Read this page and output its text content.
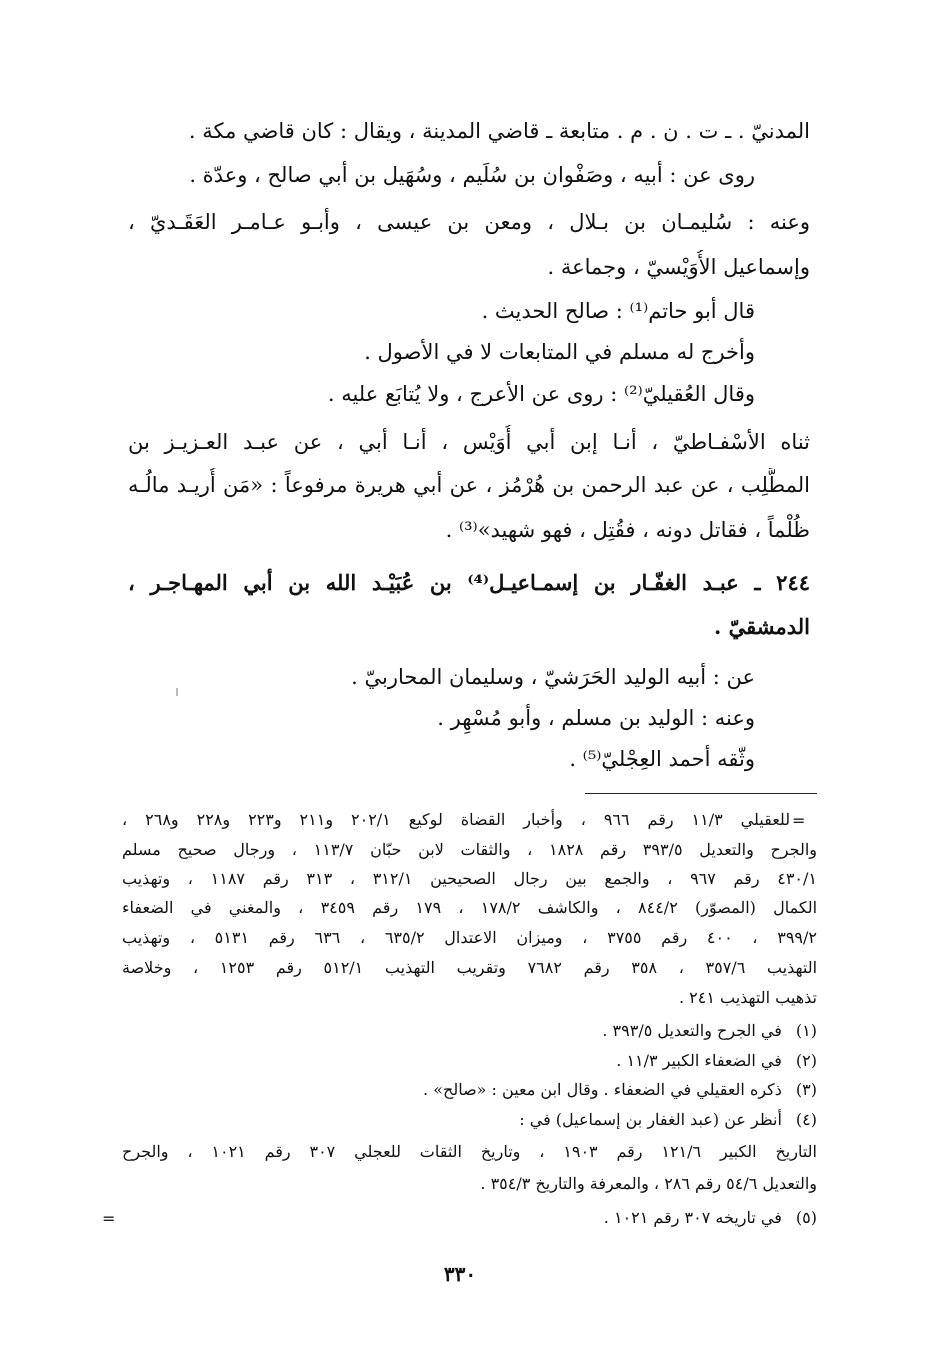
المدنيّ . ـ ت . ن . م . متابعة ـ قاضي المدينة ، ويقال : كان قاضي مكة .
روى عن : أبيه ، وصَفْوان بن سُلَيم ، وسُهَيل بن أبي صالح ، وعدّة .
وعنه : سُليمـان بن بـلال ، ومعن بن عيسى ، وأبـو عـامـر العَقَـديّ ،
وإسماعيل الأُوَيْسيّ ، وجماعة .
قال أبو حاتم⁽¹⁾ : صالح الحديث .
وأخرج له مسلم في المتابعات لا في الأصول .
وقال العُقيليّ⁽²⁾ : روى عن الأعرج ، ولا يُتابَع عليه .
ثناه الأسْفـاطيّ ، أنـا إبن أبي أُوَيْس ، أنـا أبي ، عن عبـد العـزيـز بن
المطَّلِب ، عن عبد الرحمن بن هُرْمُز ، عن أبي هريرة مرفوعاً : «مَن أُريـد مالُـه
ظُلْماً ، فقاتل دونه ، فقُتِل ، فهو شهيد»⁽³⁾ .
٢٤٤ ـ عبـد الغفّـار بن إسمـاعيـل⁽⁴⁾ بن عُبَيْـد الله بن أبي المهـاجـر ،
الدمشقيّ .
عن : أبيه الوليد الحَرَشيّ ، وسليمان المحاربيّ .
وعنه : الوليد بن مسلم ، وأبو مُسْهِر .
وثّقه أحمد العِجْليّ⁽⁵⁾ .
=
للعقيلي ١١/٣ رقم ٩٦٦ ، وأخبار القضاة لوكيع ٢٠٢/١ و٢١١ و٢٢٣ و٢٢٨ و٢٦٨ ،
والجرح والتعديل ٣٩٣/٥ رقم ١٨٢٨ ، والثقات لابن حبّان ١١٣/٧ ، ورجال صحيح مسلم
٤٣٠/١ رقم ٩٦٧ ، والجمع بين رجال الصحيحين ٣١٢/١ ، ٣١٣ رقم ١١٨٧ ، وتهذيب
الكمال (المصوّر) ٨٤٤/٢ ، والكاشف ١٧٨/٢ ، ١٧٩ رقم ٣٤٥٩ ، والمغني في الضعفاء
٣٩٩/٢ ، ٤٠٠ رقم ٣٧٥٥ ، وميزان الاعتدال ٦٣٥/٢ ، ٦٣٦ رقم ٥١٣١ ، وتهذيب
التهذيب ٣٥٧/٦ ، ٣٥٨ رقم ٧٦٨٢ وتقريب التهذيب ٥١٢/١ رقم ١٢٥٣ ، وخلاصة
تذهيب التهذيب ٢٤١ .
(١) في الجرح والتعديل ٣٩٣/٥ .
(٢) في الضعفاء الكبير ١١/٣ .
(٣) ذكره العقيلي في الضعفاء . وقال ابن معين : «صالح» .
(٤) أنظر عن (عبد الغفار بن إسماعيل) في :
التاريخ الكبير ١٢١/٦ رقم ١٩٠٣ ، وتاريخ الثقات للعجلي ٣٠٧ رقم ١٠٢١ ، والجرح
والتعديل ٥٤/٦ رقم ٢٨٦ ، والمعرفة والتاريخ ٣٥٤/٣ .
(٥) في تاريخه ٣٠٧ رقم ١٠٢١ .
=
٣٣٠
